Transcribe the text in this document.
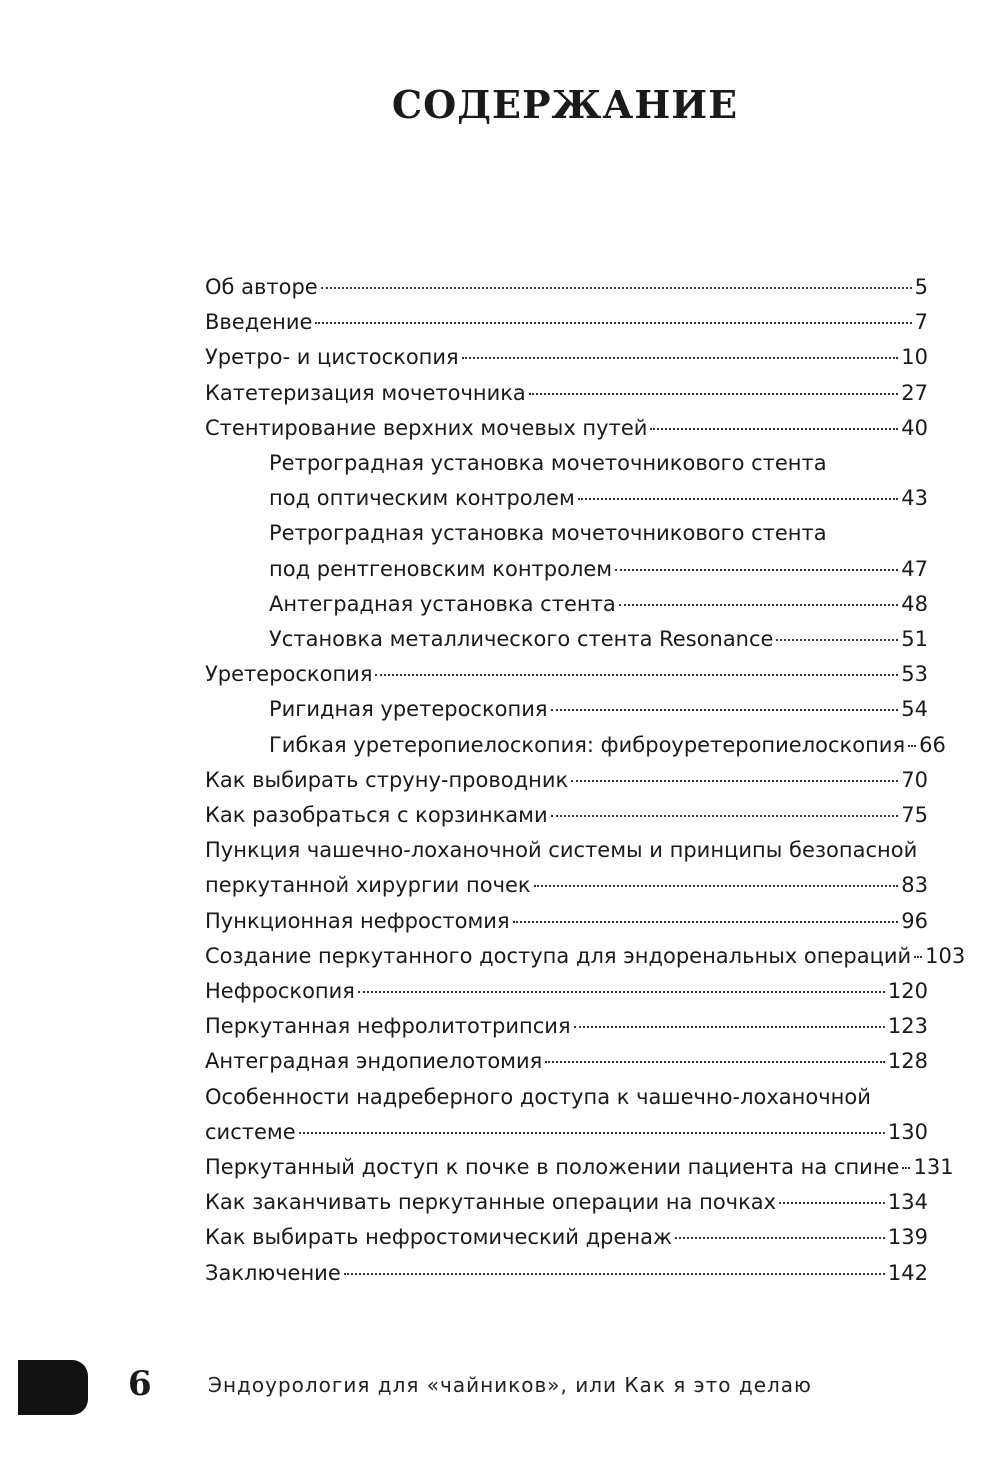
СОДЕРЖАНИЕ
Об авторе	5
Введение	7
Уретро- и цистоскопия	10
Катетеризация мочеточника	27
Стентирование верхних мочевых путей	40
Ретроградная установка мочеточникового стента
под оптическим контролем	43
Ретроградная установка мочеточникового стента
под рентгеновским контролем	47
Антеградная установка стента	48
Установка металлического стента Resonance	51
Уретероскопия	53
Ригидная уретероскопия	54
Гибкая уретеропиелоскопия: фиброуретеропиелоскопия 66
Как выбирать струну-проводник	70
Как разобраться с корзинками	75
Пункция чашечно-лоханочной системы и принципы безопасной
перкутанной хирургии почек	83
Пункционная нефростомия	96
Создание перкутанного доступа для эндоренальных операций 103
Нефроскопия	120
Перкутанная нефролитотрипсия	123
Антеградная эндопиелотомия	128
Особенности надреберного доступа к чашечно-лоханочной
системе	130
Перкутанный доступ к почке в положении пациента на спине 131
Как заканчивать перкутанные операции на почках	134
Как выбирать нефростомический дренаж	139
Заключение	142
6	Эндоурология для «чайников», или Как я это делаю
